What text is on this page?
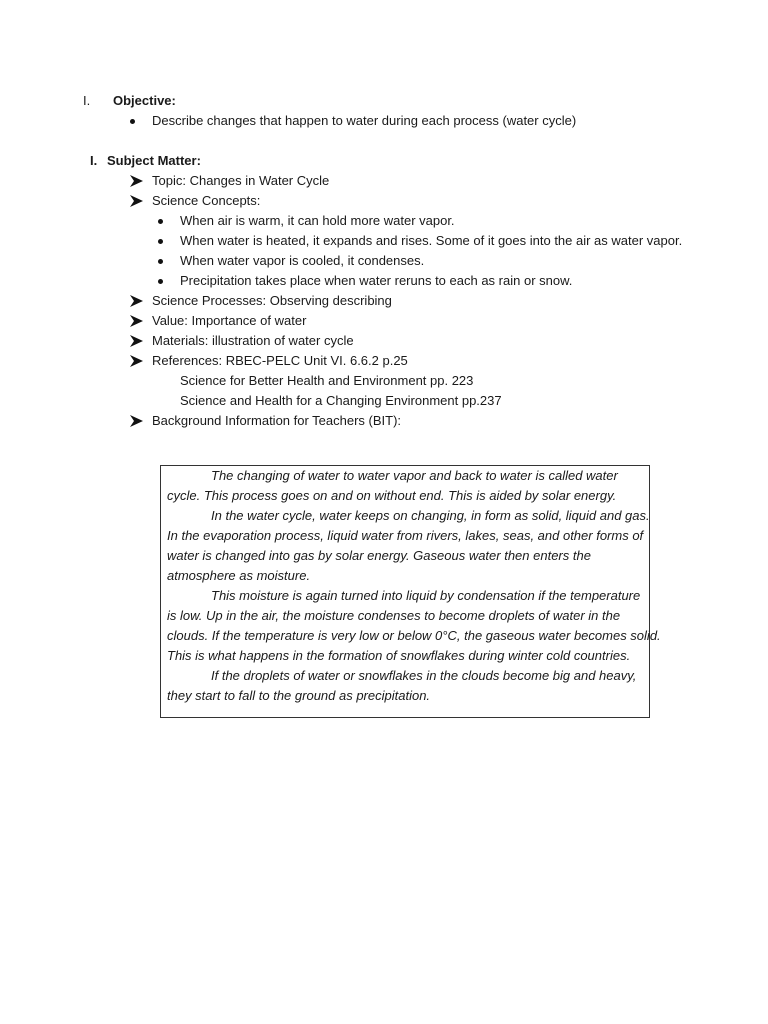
I. Objective:
Describe changes that happen to water during each process (water cycle)
I. Subject Matter:
Topic: Changes in Water Cycle
Science Concepts:
When air is warm, it can hold more water vapor.
When water is heated, it expands and rises. Some of it goes into the air as water vapor.
When water vapor is cooled, it condenses.
Precipitation takes place when water reruns to each as rain or snow.
Science Processes: Observing describing
Value: Importance of water
Materials: illustration of water cycle
References: RBEC-PELC Unit VI. 6.6.2 p.25
Science for Better Health and Environment pp. 223
Science and Health for a Changing Environment pp.237
Background Information for Teachers (BIT):
The changing of water to water vapor and back to water is called water
cycle. This process goes on and on without end. This is aided by solar energy.
In the water cycle, water keeps on changing, in form as solid, liquid and gas.
In the evaporation process, liquid water from rivers, lakes, seas, and other forms of
water is changed into gas by solar energy. Gaseous water then enters the
atmosphere as moisture.
This moisture is again turned into liquid by condensation if the temperature
is low. Up in the air, the moisture condenses to become droplets of water in the
clouds. If the temperature is very low or below 0°C, the gaseous water becomes solid.
This is what happens in the formation of snowflakes during winter cold countries.
If the droplets of water or snowflakes in the clouds become big and heavy,
they start to fall to the ground as precipitation.
